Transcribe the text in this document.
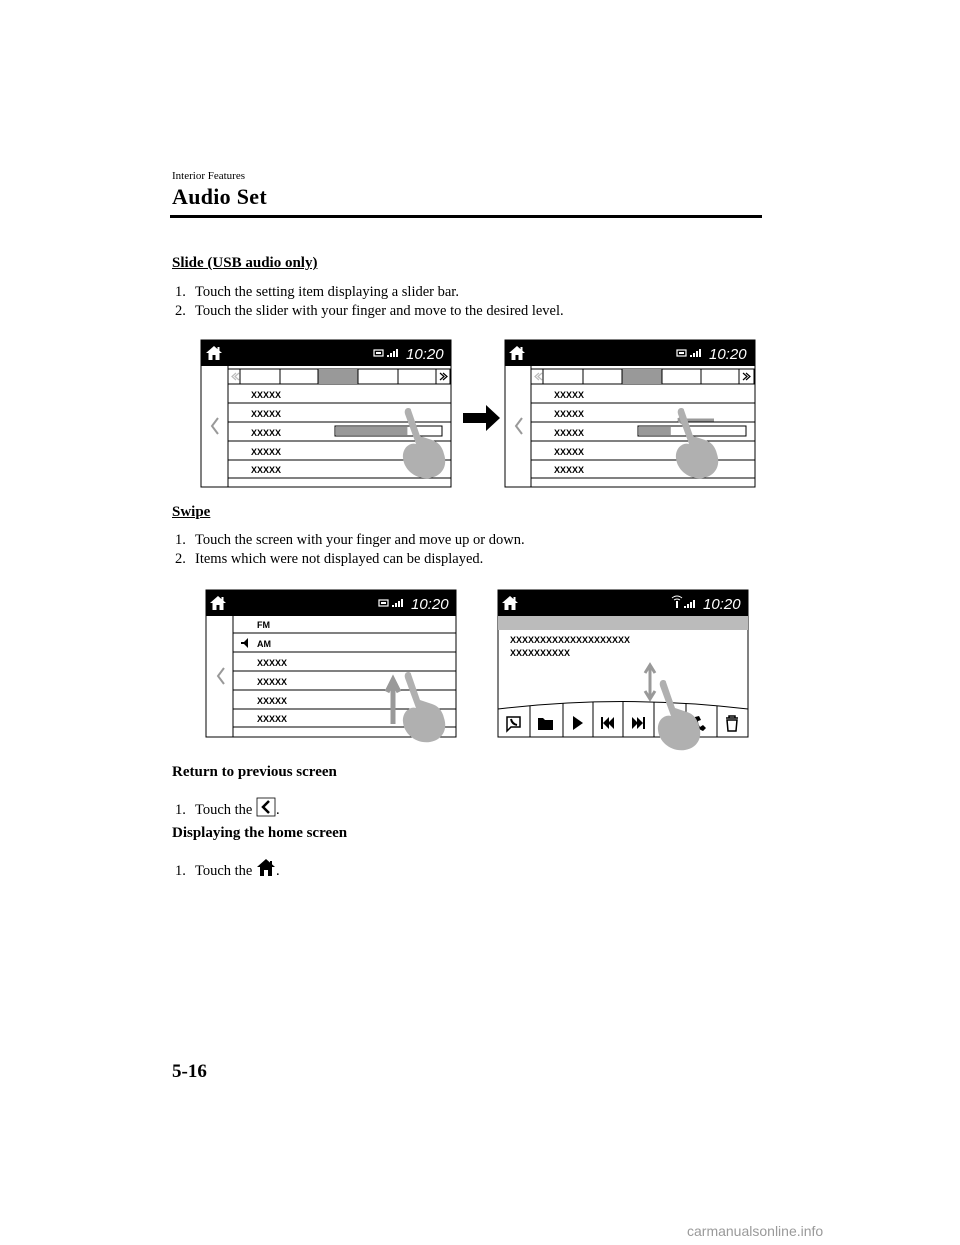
Interior Features
Audio Set
Slide (USB audio only)
1. Touch the setting item displaying a slider bar.
2. Touch the slider with your finger and move to the desired level.
10:20
XXXXX
XXXXX
XXXXX
XXXXX
XXXXX
10:20
XXXXX
XXXXX
XXXXX
XXXXX
XXXXX
10:20
FM
AM
XXXXX
XXXXX
XXXXX
XXXXX
10:20
XXXXXXXXXXXXXXXXXXXX
XXXXXXXXXX
Swipe
1. Touch the screen with your finger and move up or down.
2. Items which were not displayed can be displayed.
Return to previous screen
1. Touch the .
Displaying the home screen
1. Touch the .
5-16
carmanualsonline.info
